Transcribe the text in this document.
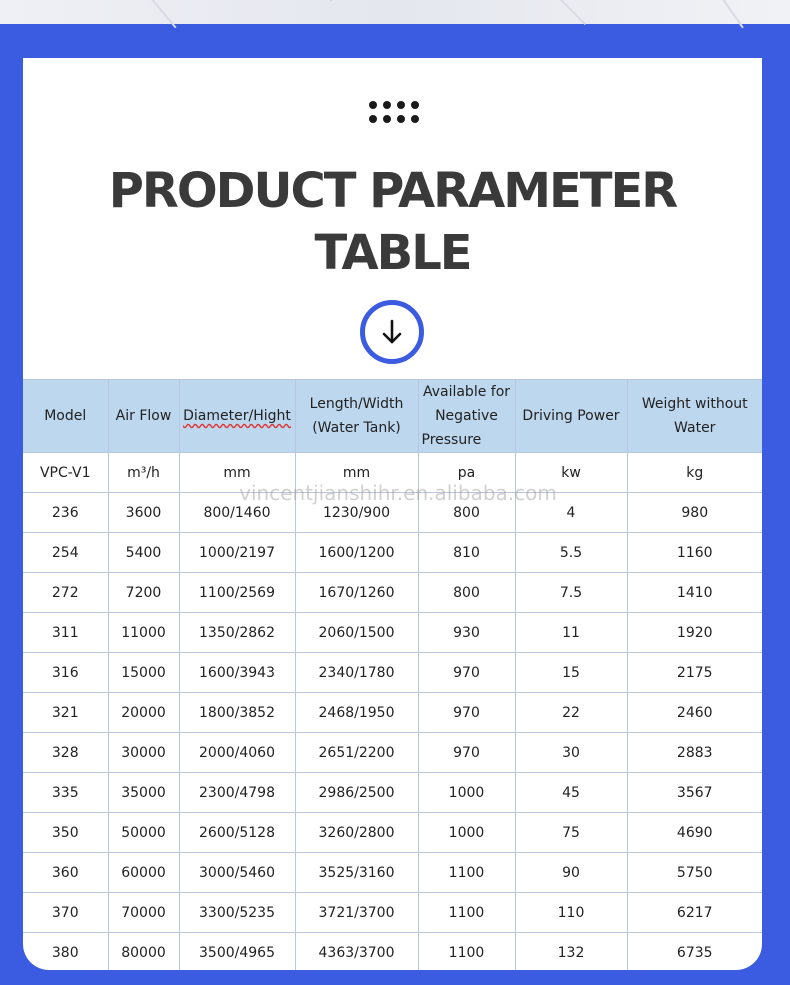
PRODUCT PARAMETER
TABLE
Model	Air Flow	Diameter/Hight	Length/Width (Water Tank)	Available for Negative Pressure	Driving Power	Weight without Water
VPC-V1	m³/h	mm	mm	pa	kw	kg
236	3600	800/1460	1230/900	800	4	980
254	5400	1000/2197	1600/1200	810	5.5	1160
272	7200	1100/2569	1670/1260	800	7.5	1410
311	11000	1350/2862	2060/1500	930	11	1920
316	15000	1600/3943	2340/1780	970	15	2175
321	20000	1800/3852	2468/1950	970	22	2460
328	30000	2000/4060	2651/2200	970	30	2883
335	35000	2300/4798	2986/2500	1000	45	3567
350	50000	2600/5128	3260/2800	1000	75	4690
360	60000	3000/5460	3525/3160	1100	90	5750
370	70000	3300/5235	3721/3700	1100	110	6217
380	80000	3500/4965	4363/3700	1100	132	6735
vincentjianshihr.en.alibaba.com
